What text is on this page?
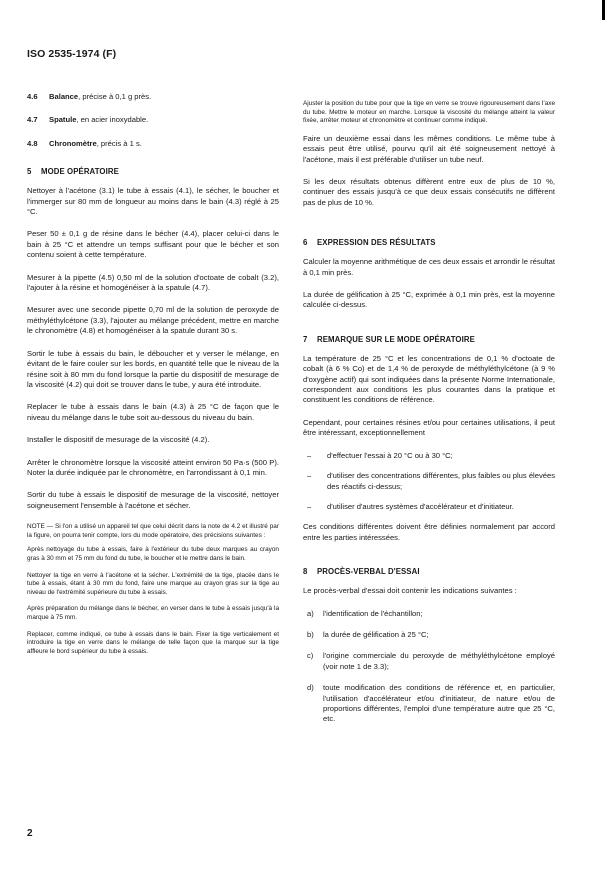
ISO 2535-1974 (F)
4.6 Balance, précise à 0,1 g près.
4.7 Spatule, en acier inoxydable.
4.8 Chronomètre, précis à 1 s.
5 MODE OPÉRATOIRE

Nettoyer à l'acétone (3.1) le tube à essais (4.1), le sécher, le boucher et l'immerger sur 80 mm de longueur au moins dans le bain (4.3) réglé à 25 °C.

Peser 50 ± 0,1 g de résine dans le bécher (4.4), placer celui-ci dans le bain à 25 °C et attendre un temps suffisant pour que le bécher et son contenu soient à cette température.

Mesurer à la pipette (4.5) 0,50 ml de la solution d'octoate de cobalt (3.2), l'ajouter à la résine et homogénéiser à la spatule (4.7).

Mesurer avec une seconde pipette 0,70 ml de la solution de peroxyde de méthyléthylcétone (3.3), l'ajouter au mélange précédent, mettre en marche le chronomètre (4.8) et homogénéiser à la spatule durant 30 s.

Sortir le tube à essais du bain, le déboucher et y verser le mélange, en évitant de le faire couler sur les bords, en quantité telle que le niveau de la résine soit à 80 mm du fond lorsque la partie du dispositif de mesurage de la viscosité (4.2) qui doit se trouver dans le tube, y aura été introduite.

Replacer le tube à essais dans le bain (4.3) à 25 °C de façon que le niveau du mélange dans le tube soit au-dessous du niveau du bain.

Installer le dispositif de mesurage de la viscosité (4.2).

Arrêter le chronomètre lorsque la viscosité atteint environ 50 Pa·s (500 P). Noter la durée indiquée par le chronomètre, en l'arrondissant à 0,1 min.

Sortir du tube à essais le dispositif de mesurage de la viscosité, nettoyer soigneusement l'ensemble à l'acétone et sécher.

NOTE — Si l'on a utilisé un appareil tel que celui décrit dans la note de 4.2 et illustré par la figure, on pourra tenir compte, lors du mode opératoire, des précisions suivantes :
Après nettoyage du tube à essais, faire à l'extérieur du tube deux marques au crayon gras à 30 mm et 75 mm du fond du tube, le boucher et le mettre dans le bain.
Nettoyer la tige en verre à l'acétone et la sécher. L'extrémité de la tige, placée dans le tube à essais, étant à 30 mm du fond, faire une marque au crayon gras sur la tige au niveau de l'extrémité supérieure du tube à essais.
Après préparation du mélange dans le bécher, en verser dans le tube à essais jusqu'à la marque à 75 mm.
Replacer, comme indiqué, ce tube à essais dans le bain. Fixer la tige verticalement et introduire la tige en verre dans le mélange de telle façon que la marque sur la tige affleure le bord supérieur du tube à essais.
Ajuster la position du tube pour que la tige en verre se trouve rigoureusement dans l'axe du tube. Mettre le moteur en marche. Lorsque la viscosité du mélange atteint la valeur fixée, arrêter moteur et chronomètre et continuer comme indiqué.

Faire un deuxième essai dans les mêmes conditions. Le même tube à essais peut être utilisé, pourvu qu'il ait été soigneusement nettoyé à l'acétone, mais il est préférable d'utiliser un tube neuf.

Si les deux résultats obtenus diffèrent entre eux de plus de 10 %, continuer des essais jusqu'à ce que deux essais consécutifs ne diffèrent pas de plus de 10 %.

6 EXPRESSION DES RÉSULTATS

Calculer la moyenne arithmétique de ces deux essais et arrondir le résultat à 0,1 min près.

La durée de gélification à 25 °C, exprimée à 0,1 min près, est la moyenne calculée ci-dessus.

7 REMARQUE SUR LE MODE OPÉRATOIRE

La température de 25 °C et les concentrations de 0,1 % d'octoate de cobalt (à 6 % Co) et de 1,4 % de peroxyde de méthyléthylcétone (à 9 % d'oxygène actif) qui sont indiquées dans la présente Norme Internationale, correspondent aux conditions les plus courantes dans la pratique et constituent les conditions de référence.

Cependant, pour certaines résines et/ou pour certaines utilisations, il peut être intéressant, exceptionnellement

–	d'effectuer l'essai à 20 °C ou à 30 °C;
–	d'utiliser des concentrations différentes, plus faibles ou plus élevées des réactifs ci-dessus;
–	d'utiliser d'autres systèmes d'accélérateur et d'initiateur.

Ces conditions différentes doivent être définies normalement par accord entre les parties intéressées.

8 PROCÈS-VERBAL D'ESSAI

Le procès-verbal d'essai doit contenir les indications suivantes :

a)	l'identification de l'échantillon;
b)	la durée de gélification à 25 °C;
c)	l'origine commerciale du peroxyde de méthyléthylcétone employé (voir note 1 de 3.3);
d)	toute modification des conditions de référence et, en particulier, l'utilisation d'accélérateur et/ou d'initiateur, de nature et/ou de proportions différentes, l'emploi d'une température autre que 25 °C, etc.
2
